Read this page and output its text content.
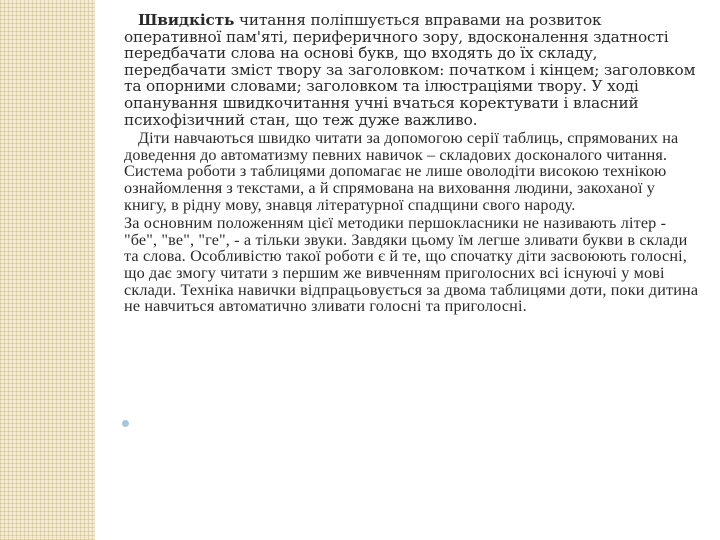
Швидкість читання поліпшується вправами на розвиток оперативної пам'яті, периферичного зору, вдосконалення здатності передбачати слова на основі букв, що входять до їх складу, передбачати зміст твору за заголовком: початком і кінцем; заголовком та опорними словами; заголовком та ілюстраціями твору. У ході опанування швидкочитання учні вчаться коректувати і власний психофізичний стан, що теж дуже важливо.

Діти навчаються швидко читати за допомогою серії таблиць, спрямованих на доведення до автоматизму певних навичок – складових досконалого читання. Система роботи з таблицями допомагає не лише оволодіти високою технікою ознайомлення з текстами, а й спрямована на виховання людини, закоханої у книгу, в рідну мову, знавця літературної спадщини свого народу.

За основним положенням цієї методики першокласники не називають літер - "бе", "ве", "ге", - а тільки звуки. Завдяки цьому їм легше зливати букви в склади та слова. Особливістю такої роботи є й те, що спочатку діти засвоюють голосні, що дає змогу читати з першим же вивченням приголосних всі існуючі у мові склади. Техніка навички відпрацьовується за двома таблицями доти, поки дитина не навчиться автоматично зливати голосні та приголосні.
